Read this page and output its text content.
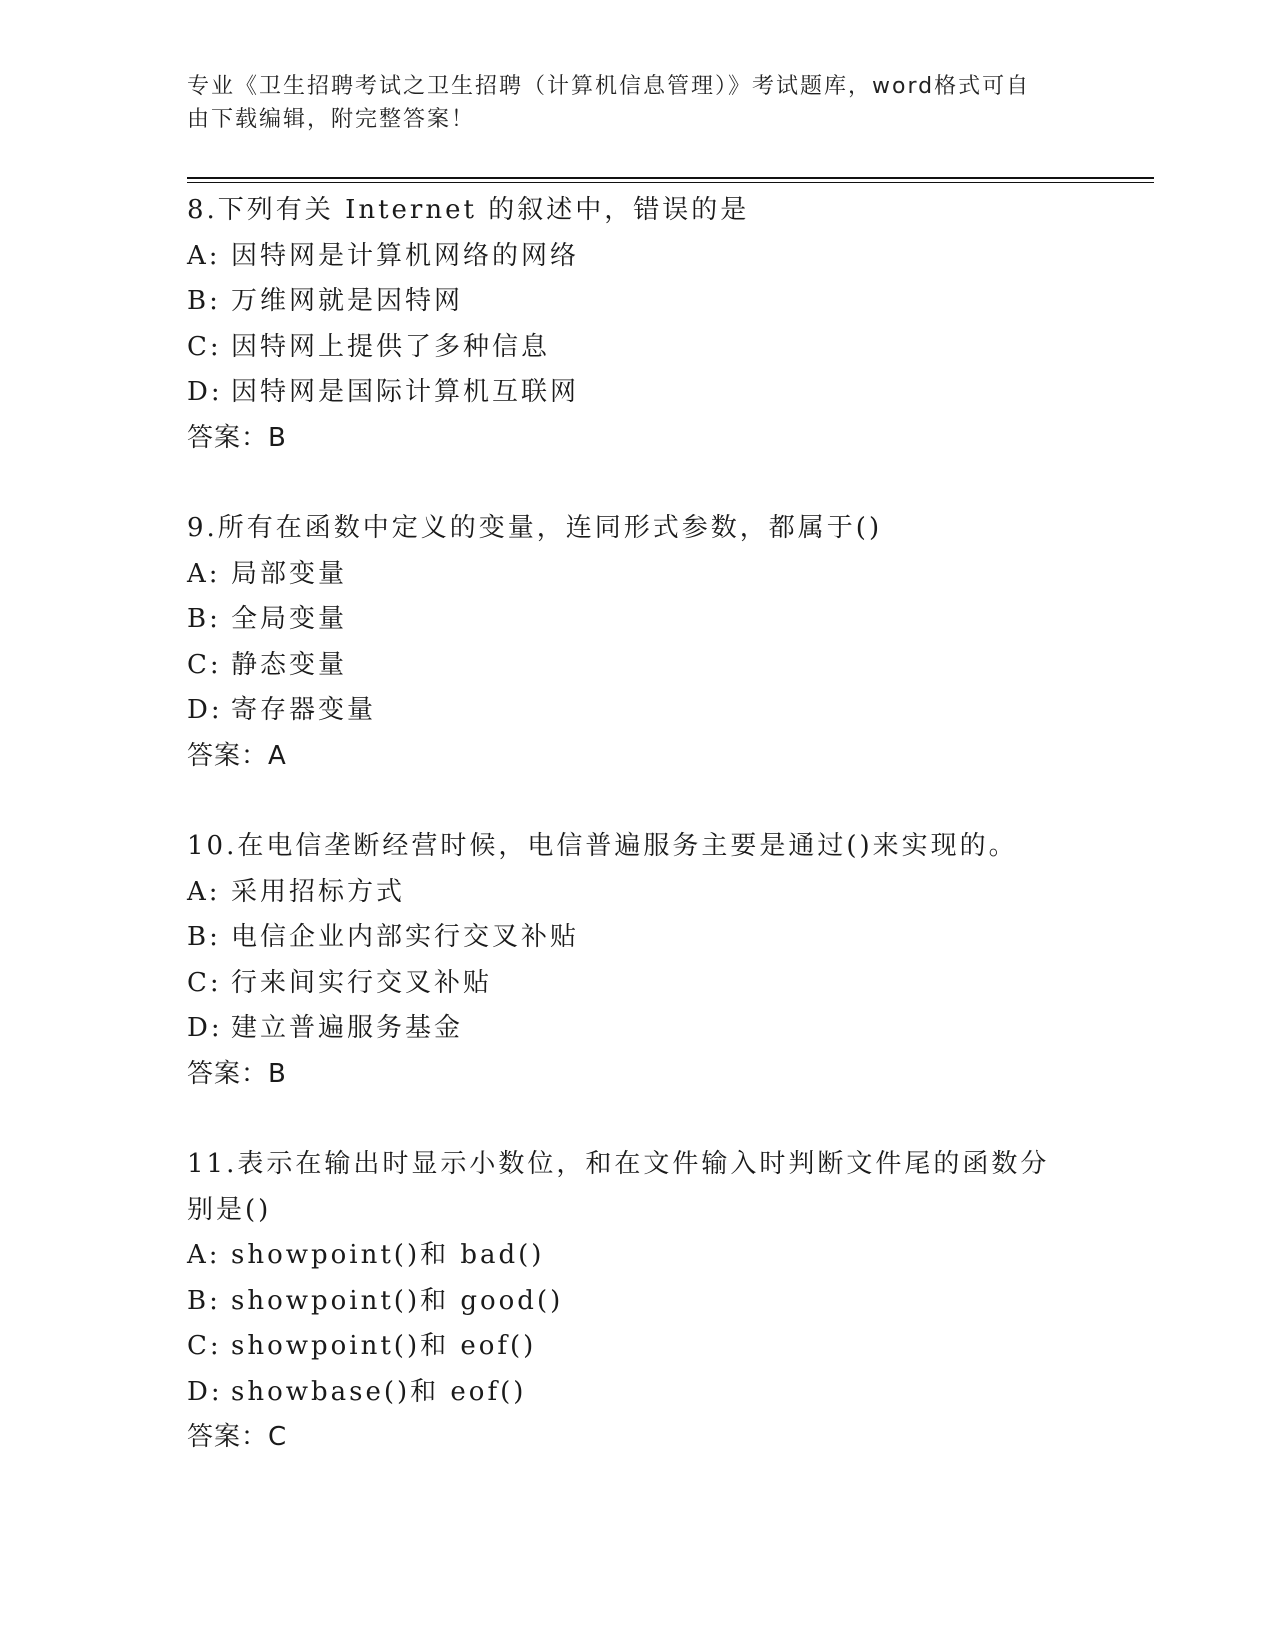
专业《卫生招聘考试之卫生招聘（计算机信息管理）》考试题库，word格式可自
由下载编辑，附完整答案！
8.下列有关 Internet 的叙述中，错误的是
A: 因特网是计算机网络的网络
B: 万维网就是因特网
C: 因特网上提供了多种信息
D: 因特网是国际计算机互联网
答案：B
9.所有在函数中定义的变量，连同形式参数，都属于()
A: 局部变量
B: 全局变量
C: 静态变量
D: 寄存器变量
答案：A
10.在电信垄断经营时候，电信普遍服务主要是通过()来实现的。
A: 采用招标方式
B: 电信企业内部实行交叉补贴
C: 行来间实行交叉补贴
D: 建立普遍服务基金
答案：B
11.表示在输出时显示小数位，和在文件输入时判断文件尾的函数分别是()
A: showpoint()和 bad()
B: showpoint()和 good()
C: showpoint()和 eof()
D: showbase()和 eof()
答案：C
